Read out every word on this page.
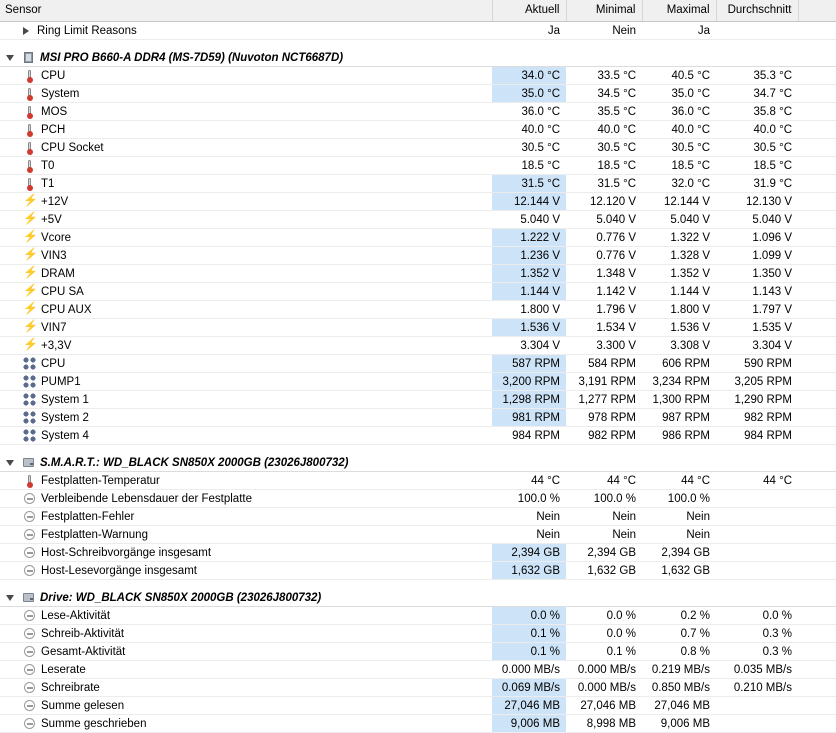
Sensor	Aktuell	Minimal	Maximal	Durchschnitt	

Ring Limit Reasons	Ja	Nein	Ja		

MSI PRO B660-A DDR4 (MS-7D59) (Nuvoton NCT6687D)					

CPU	34.0 °C	33.5 °C	40.5 °C	35.3 °C	

System	35.0 °C	34.5 °C	35.0 °C	34.7 °C	

MOS	36.0 °C	35.5 °C	36.0 °C	35.8 °C	

PCH	40.0 °C	40.0 °C	40.0 °C	40.0 °C	

CPU Socket	30.5 °C	30.5 °C	30.5 °C	30.5 °C	

T0	18.5 °C	18.5 °C	18.5 °C	18.5 °C	

T1	31.5 °C	31.5 °C	32.0 °C	31.9 °C	

⚡
+12V	12.144 V	12.120 V	12.144 V	12.130 V	

⚡
+5V	5.040 V	5.040 V	5.040 V	5.040 V	

⚡
Vcore	1.222 V	0.776 V	1.322 V	1.096 V	

⚡
VIN3	1.236 V	0.776 V	1.328 V	1.099 V	

⚡
DRAM	1.352 V	1.348 V	1.352 V	1.350 V	

⚡
CPU SA	1.144 V	1.142 V	1.144 V	1.143 V	

⚡
CPU AUX	1.800 V	1.796 V	1.800 V	1.797 V	

⚡
VIN7	1.536 V	1.534 V	1.536 V	1.535 V	

⚡
+3,3V	3.304 V	3.300 V	3.308 V	3.304 V	

CPU	587 RPM	584 RPM	606 RPM	590 RPM	

PUMP1	3,200 RPM	3,191 RPM	3,234 RPM	3,205 RPM	

System 1	1,298 RPM	1,277 RPM	1,300 RPM	1,290 RPM	

System 2	981 RPM	978 RPM	987 RPM	982 RPM	

System 4	984 RPM	982 RPM	986 RPM	984 RPM	

S.M.A.R.T.: WD_BLACK SN850X 2000GB (23026J800732)					

Festplatten-Temperatur	44 °C	44 °C	44 °C	44 °C	

Verbleibende Lebensdauer der Festplatte	100.0 %	100.0 %	100.0 %		

Festplatten-Fehler	Nein	Nein	Nein		

Festplatten-Warnung	Nein	Nein	Nein		

Host-Schreibvorgänge insgesamt	2,394 GB	2,394 GB	2,394 GB		

Host-Lesevorgänge insgesamt	1,632 GB	1,632 GB	1,632 GB		

Drive: WD_BLACK SN850X 2000GB (23026J800732)					

Lese-Aktivität	0.0 %	0.0 %	0.2 %	0.0 %	

Schreib-Aktivität	0.1 %	0.0 %	0.7 %	0.3 %	

Gesamt-Aktivität	0.1 %	0.1 %	0.8 %	0.3 %	

Leserate	0.000 MB/s	0.000 MB/s	0.219 MB/s	0.035 MB/s	

Schreibrate	0.069 MB/s	0.000 MB/s	0.850 MB/s	0.210 MB/s	

Summe gelesen	27,046 MB	27,046 MB	27,046 MB		

Summe geschrieben	9,006 MB	8,998 MB	9,006 MB		
